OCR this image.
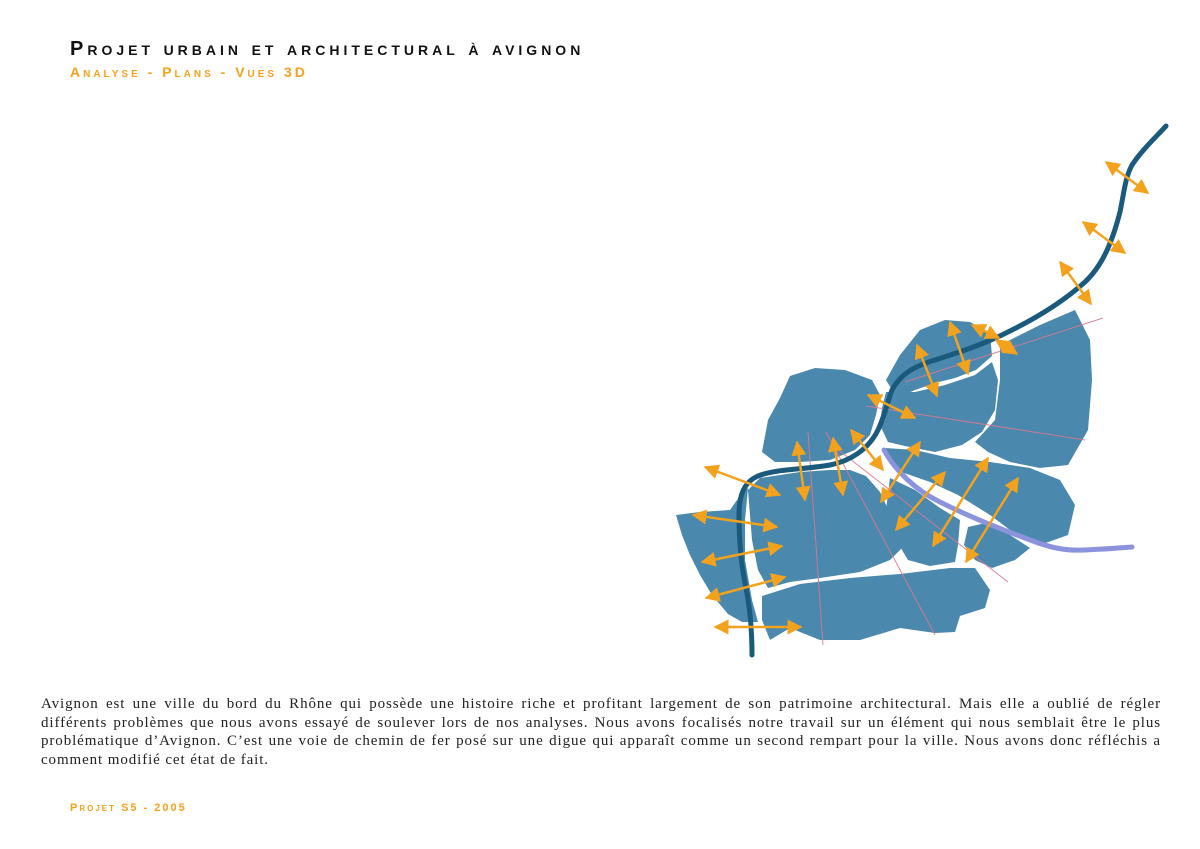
Projet urbain et architectural à avignon
Analyse - Plans - Vues 3D

Avignon est une ville du bord du Rhône qui possède une histoire riche et profitant largement de son patrimoine architectural. Mais elle a oublié de régler différents problèmes que nous avons essayé de soulever lors de nos analyses. Nous avons focalisés notre travail sur un élément qui nous semblait être le plus problématique d’Avignon. C’est une voie de chemin de fer posé sur une digue qui apparaît comme un second rempart pour la ville. Nous avons donc réfléchis a comment modifié cet état de fait.

Projet S5 - 2005
